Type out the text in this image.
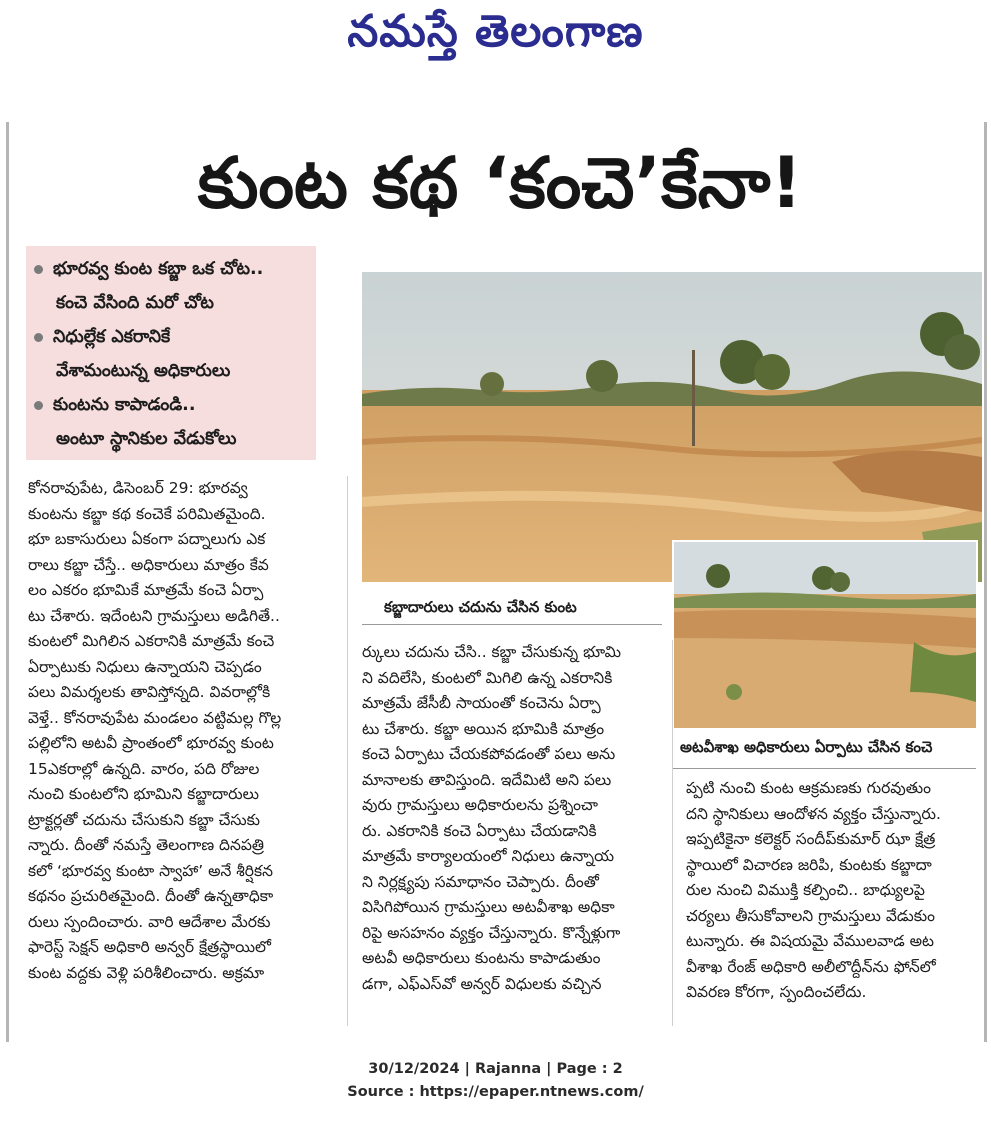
నమస్తే తెలంగాణ
కుంట కథ ‘కంచె’కేనా!
భూరవ్వ కుంట కబ్జా ఒక చోట..
కంచె వేసింది మరో చోట
నిధుల్లేక ఎకరానికే
వేశామంటున్న అధికారులు
కుంటను కాపాడండి..
అంటూ స్థానికుల వేడుకోలు
కబ్జాదారులు చదును చేసిన కుంట
అటవీశాఖ అధికారులు ఏర్పాటు చేసిన కంచె

కోనరావుపేట, డిసెంబర్ 29: భూరవ్వ

కుంటను కబ్జా కథ కంచెకే పరిమితమైంది.

భూ బకాసురులు ఏకంగా పద్నాలుగు ఎక

రాలు కబ్జా చేస్తే.. అధికారులు మాత్రం కేవ

లం ఎకరం భూమికే మాత్రమే కంచె ఏర్పా

టు చేశారు. ఇదేంటని గ్రామస్తులు అడిగితే..

కుంటలో మిగిలిన ఎకరానికి మాత్రమే కంచె

ఏర్పాటుకు నిధులు ఉన్నాయని చెప్పడం

పలు విమర్శలకు తావిస్తోన్నది. వివరాల్లోకి

వెళ్తే.. కోనరావుపేట మండలం వట్టిమల్ల గొల్ల

పల్లిలోని అటవీ ప్రాంతంలో భూరవ్వ కుంట

15ఎకరాల్లో ఉన్నది. వారం, పది రోజుల

నుంచి కుంటలోని భూమిని కబ్జాదారులు

ట్రాక్టర్లతో చదును చేసుకుని కబ్జా చేసుకు

న్నారు. దీంతో నమస్తే తెలంగాణ దినపత్రి

కలో ‘భూరవ్వ కుంటా స్వాహా’ అనే శీర్షికన

కథనం ప్రచురితమైంది. దీంతో ఉన్నతాధికా

రులు స్పందించారు. వారి ఆదేశాల మేరకు

ఫారెస్ట్ సెక్షన్ అధికారి అన్వర్ క్షేత్రస్థాయిలో

కుంట వద్దకు వెళ్లి పరిశీలించారు. అక్రమా

ర్కులు చదును చేసి.. కబ్జా చేసుకున్న భూమి

ని వదిలేసి, కుంటలో మిగిలి ఉన్న ఎకరానికి

మాత్రమే జేసీబీ సాయంతో కంచెను ఏర్పా

టు చేశారు. కబ్జా అయిన భూమికి మాత్రం

కంచె ఏర్పాటు చేయకపోవడంతో పలు అను

మానాలకు తావిస్తుంది. ఇదేమిటి అని పలు

వురు గ్రామస్తులు అధికారులను ప్రశ్నించా

రు. ఎకరానికి కంచె ఏర్పాటు చేయడానికి

మాత్రమే కార్యాలయంలో నిధులు ఉన్నాయ

ని నిర్లక్ష్యపు సమాధానం చెప్పారు. దీంతో

విసిగిపోయిన గ్రామస్తులు అటవీశాఖ అధికా

రిపై అసహనం వ్యక్తం చేస్తున్నారు. కొన్నేళ్లుగా

అటవీ అధికారులు కుంటను కాపాడుతుం

డగా, ఎఫ్ఎస్‌వో అన్వర్ విధులకు వచ్చిన

ప్పటి నుంచి కుంట ఆక్రమణకు గురవుతుం

దని స్థానికులు ఆందోళన వ్యక్తం చేస్తున్నారు.

ఇప్పటికైనా కలెక్టర్ సందీప్‌కుమార్ ఝా క్షేత్ర

స్థాయిలో విచారణ జరిపి, కుంటకు కబ్జాదా

రుల నుంచి విముక్తి కల్పించి.. బాధ్యులపై

చర్యలు తీసుకోవాలని గ్రామస్తులు వేడుకుం

టున్నారు. ఈ విషయమై వేములవాడ అట

వీశాఖ రేంజ్ అధికారి అలీలొద్దీన్‌ను ఫోన్‌లో

వివరణ కోరగా, స్పందించలేదు.

30/12/2024 | Rajanna | Page : 2
Source : https://epaper.ntnews.com/
